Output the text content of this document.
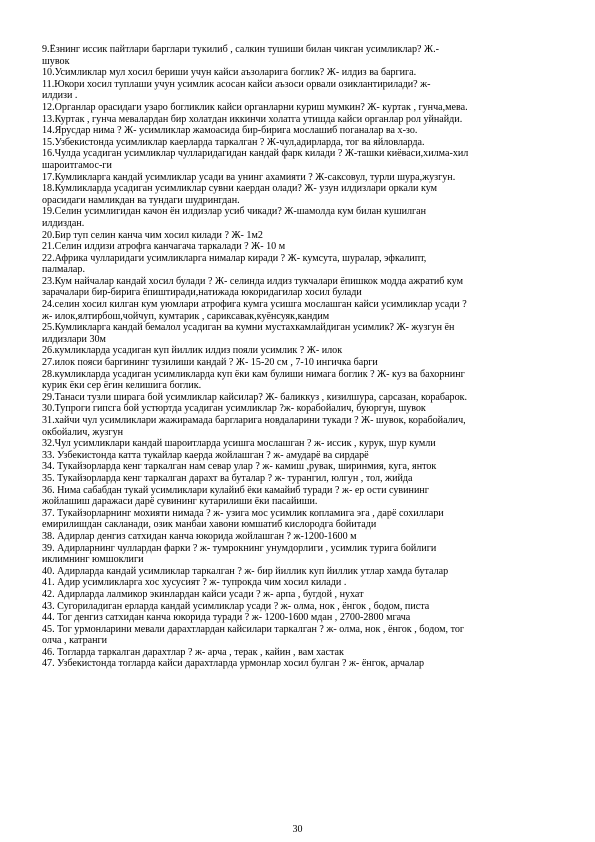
9.Ёзнинг иссик пайтлари барглари тукилиб , салкин тушиши билан чикган усимликлар? Ж.-
шувок
10.Усимликлар мул хосил бериши учун кайси аъзоларига боглик? Ж- илдиз ва баргига.
11.Юкори хосил туплаши учун усимлик асосан кайси аъзоси орвали озиклантирилади? ж-
илдизи .
12.Органлар орасидаги узаро богликлик кайси органларни куриш мумкин? Ж- куртак , гунча,мева.
13.Куртак , гунча мевалардан бир холатдан иккинчи холатга утишда кайси органлар рол уйнайди.
14.Ярусдар нима ? Ж- усимликлар жамоасида бир-бирига мослашиб поганалар ва х-зо.
15.Узбекистонда усимликлар каерларда таркалган ? Ж-чул,адирларда, тог ва яйловларда.
16.Чулда усадиган усимликлар чулларидагидан кандай фарк килади ? Ж-ташки киёваси,хилма-хил
шароитгамос-ги
17.Кумликларга кандай усимликлар усади ва унинг ахамияти ? Ж-саксовул, турли шура,жузгун.
18.Кумликларда усадиган усимликлар сувни каердан олади? Ж- узун илдизлари оркали кум
орасидаги намликдан ва тундаги шудрингдан.
19.Селин усимлигидан качон ён илдизлар усиб чикади? Ж-шамолда кум билан кушилган
илдиздан.
20.Бир туп селин канча чим хосил килади ? Ж- 1м2
21.Селин илдизи атрофга канчагача таркалади ? Ж- 10 м
22.Африка чулларидаги усимликларга нималар киради ? Ж- кумсута, шуралар, эфкалипт,
палмалар.
23.Кум найчалар кандай хосил булади ? Ж- селинда илдиз тукчалари ёпишкок модда ажратиб кум
зарачалари бир-бирига ёпиштиради,натижада юкоридагилар хосил булади
24.селин хосил килган кум уюмлари атрофига кумга усишга мослашган кайси усимликлар усади ?
ж- илок,ялтирбош,чойчуп, кумтарик , сариксавак,куёнсуяк,кандим
25.Кумликларга кандай бемалол усадиган ва кумни мустахкамлайдиган усимлик? Ж- жузгун ён
илдизлари 30м
26.кумликларда усадиган куп йиллик илдиз пояли усимлик ? Ж- илок
27.илок пояси баргининг тузилиши кандай ? Ж- 15-20 см , 7-10 ингичка барги
28.кумликларда усадиган усимликларда куп ёки кам булиши нимага боглик ? Ж- куз ва бахорнинг
курик ёки сер ёгин келишига боглик.
29.Танаси тузли ширага бой усимликлар кайсилар? Ж- баликкуз , кизилшура, сарсазан, корабарок.
30.Тупроги гипсга бой устюртда усадиган усимликлар ?ж- корабойалич, буюргун, шувок
31.хайчи чул усимликлари жажирамада баргларига новдаларини тукади ? Ж- шувок, корабойалич,
окбойалич, жузгун
32.Чул усимликлари кандай шароитларда усишга мослашган ? ж- иссик , курук, шур кумли
33. Узбекистонда катта тукайлар каерда жойлашган ? ж- амударё ва сирдарё
34. Тукайзорларда кенг таркалган нам севар улар ? ж- камиш ,рувак, ширинмия, куга, янток
35. Тукайзорларда кенг таркалган дарахт ва буталар ? ж- турангил, юлгун , тол, жийда
36. Нима сабабдан тукай усимликлари кулайиб ёки камайиб туради ? ж- ер ости сувининг
жойлашиш даражаси дарё сувининг кутарилиши ёки пасайиши.
37. Тукайзорларнинг мохияти нимада ? ж- узига мос усимлик копламига эга , дарё сохиллари
емирилишдан сакланади, озик манбаи хавони юмшатиб кислородга бойитади
38. Адирлар денгиз сатхидан канча юкорида жойлашган ? ж-1200-1600 м
39. Адирларнинг чуллардан фарки ? ж- тумрокнинг унумдорлиги , усимлик турига бойлиги
иклимнинг юмшоклиги
40. Адирларда кандай усимликлар таркалган ? ж- бир йиллик куп йиллик утлар хамда буталар
41. Адир усимликларга хос хусусият ? ж- тупрокда чим хосил килади .
42. Адирларда лалмикор экинлардан кайси усади ? ж- арпа , бугдой , нухат
43. Сугориладиган ерларда кандай усимликлар усади ? ж- олма, нок , ёнгок , бодом, писта
44. Тог денгиз сатхидан канча юкорида туради ? ж- 1200-1600 мдан , 2700-2800 мгача
45. Тог урмонларини мевали дарахтлардан кайсилари таркалган ? ж- олма, нок , ёнгок , бодом, тог
олча , катранги
46. Тогларда таркалган дарахтлар ? ж- арча , терак , кайин , вам хастак
47. Узбекистонда тогларда кайси дарахтларда урмонлар хосил булган ? ж- ёнгок, арчалар
30
